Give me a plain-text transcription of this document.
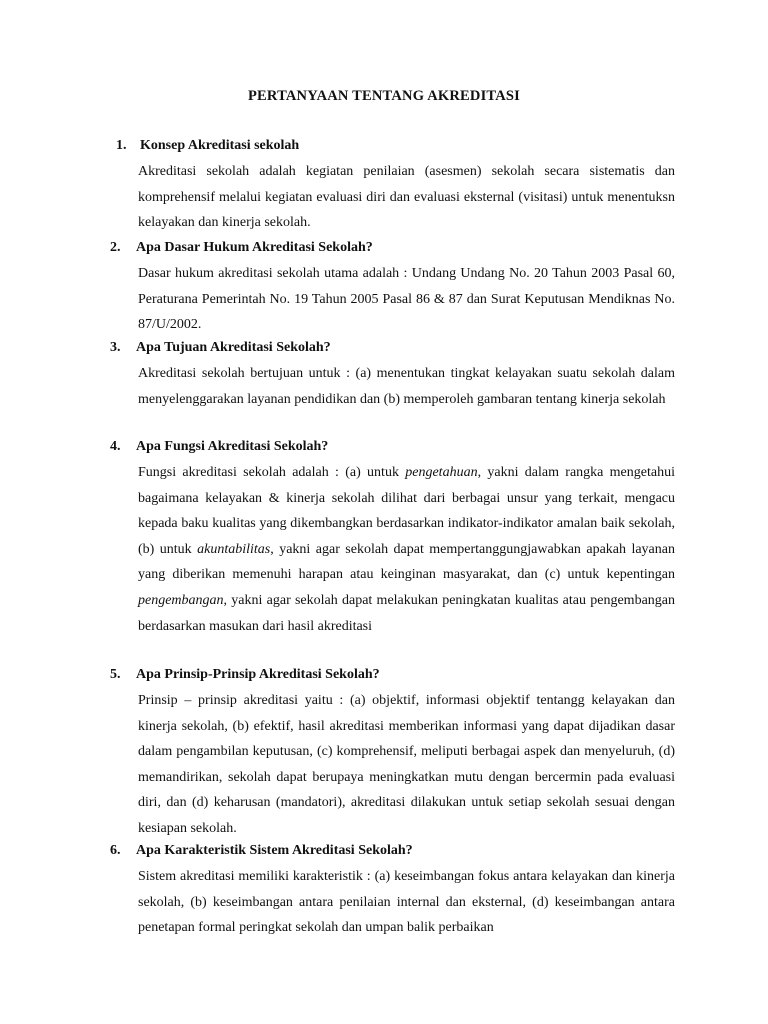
PERTANYAAN TENTANG AKREDITASI
1. Konsep Akreditasi sekolah
Akreditasi sekolah adalah kegiatan penilaian (asesmen) sekolah secara sistematis dan komprehensif melalui kegiatan evaluasi diri dan evaluasi eksternal (visitasi) untuk menentuksn kelayakan dan kinerja sekolah.
2. Apa Dasar Hukum Akreditasi Sekolah?
Dasar hukum akreditasi sekolah utama adalah : Undang Undang No. 20 Tahun 2003 Pasal 60, Peraturana Pemerintah No. 19 Tahun 2005 Pasal 86 & 87 dan Surat Keputusan Mendiknas No. 87/U/2002.
3. Apa Tujuan Akreditasi Sekolah?
Akreditasi sekolah bertujuan untuk : (a) menentukan tingkat kelayakan suatu sekolah dalam menyelenggarakan layanan pendidikan dan (b) memperoleh gambaran tentang kinerja sekolah
4. Apa Fungsi Akreditasi Sekolah?
Fungsi akreditasi sekolah adalah : (a) untuk pengetahuan, yakni dalam rangka mengetahui bagaimana kelayakan & kinerja sekolah dilihat dari berbagai unsur yang terkait, mengacu kepada baku kualitas yang dikembangkan berdasarkan indikator-indikator amalan baik sekolah, (b) untuk akuntabilitas, yakni agar sekolah dapat mempertanggungjawabkan apakah layanan yang diberikan memenuhi harapan atau keinginan masyarakat, dan (c) untuk kepentingan pengembangan, yakni agar sekolah dapat melakukan peningkatan kualitas atau pengembangan berdasarkan masukan dari hasil akreditasi
5. Apa Prinsip-Prinsip Akreditasi Sekolah?
Prinsip – prinsip akreditasi yaitu : (a) objektif, informasi objektif tentangg kelayakan dan kinerja sekolah, (b) efektif, hasil akreditasi memberikan informasi yang dapat dijadikan dasar dalam pengambilan keputusan, (c) komprehensif, meliputi berbagai aspek dan menyeluruh, (d) memandirikan, sekolah dapat berupaya meningkatkan mutu dengan bercermin pada evaluasi diri, dan (d) keharusan (mandatori), akreditasi dilakukan untuk setiap sekolah sesuai dengan kesiapan sekolah.
6. Apa Karakteristik Sistem Akreditasi Sekolah?
Sistem akreditasi memiliki karakteristik : (a) keseimbangan fokus antara kelayakan dan kinerja sekolah, (b) keseimbangan antara penilaian internal dan eksternal, (d) keseimbangan antara penetapan formal peringkat sekolah dan umpan balik perbaikan
